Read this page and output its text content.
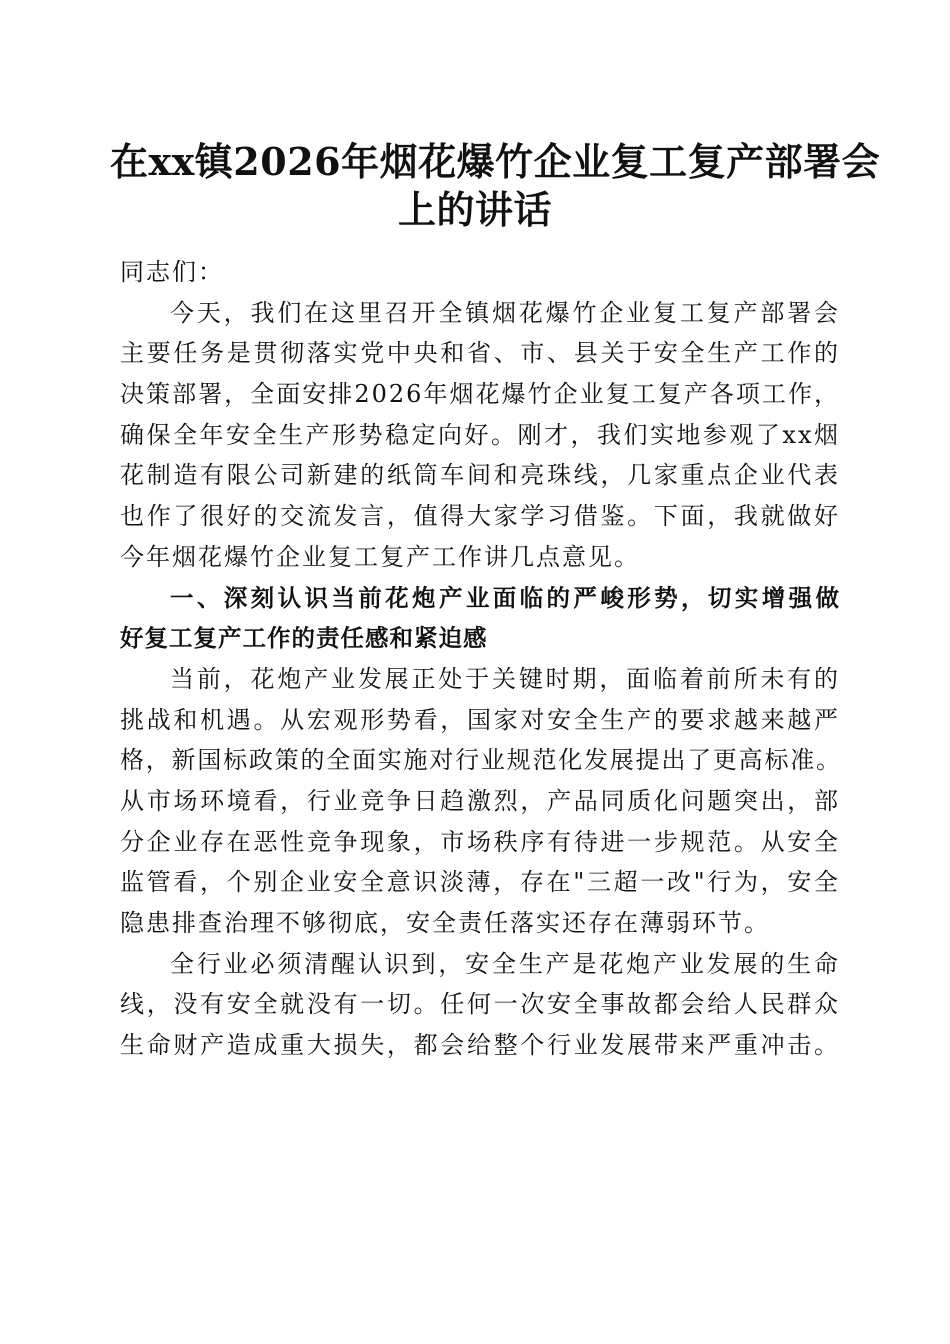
在xx镇2026年烟花爆竹企业复工复产部署会
上的讲话
同志们：
今天，我们在这里召开全镇烟花爆竹企业复工复产部署会
主要任务是贯彻落实党中央和省、市、县关于安全生产工作的
决策部署，全面安排2026年烟花爆竹企业复工复产各项工作，
确保全年安全生产形势稳定向好。刚才，我们实地参观了xx烟
花制造有限公司新建的纸筒车间和亮珠线，几家重点企业代表
也作了很好的交流发言，值得大家学习借鉴。下面，我就做好
今年烟花爆竹企业复工复产工作讲几点意见。
一、深刻认识当前花炮产业面临的严峻形势，切实增强做
好复工复产工作的责任感和紧迫感
当前，花炮产业发展正处于关键时期，面临着前所未有的
挑战和机遇。从宏观形势看，国家对安全生产的要求越来越严
格，新国标政策的全面实施对行业规范化发展提出了更高标准。
从市场环境看，行业竞争日趋激烈，产品同质化问题突出，部
分企业存在恶性竞争现象，市场秩序有待进一步规范。从安全
监管看，个别企业安全意识淡薄，存在"三超一改"行为，安全
隐患排查治理不够彻底，安全责任落实还存在薄弱环节。
全行业必须清醒认识到，安全生产是花炮产业发展的生命
线，没有安全就没有一切。任何一次安全事故都会给人民群众
生命财产造成重大损失，都会给整个行业发展带来严重冲击。
